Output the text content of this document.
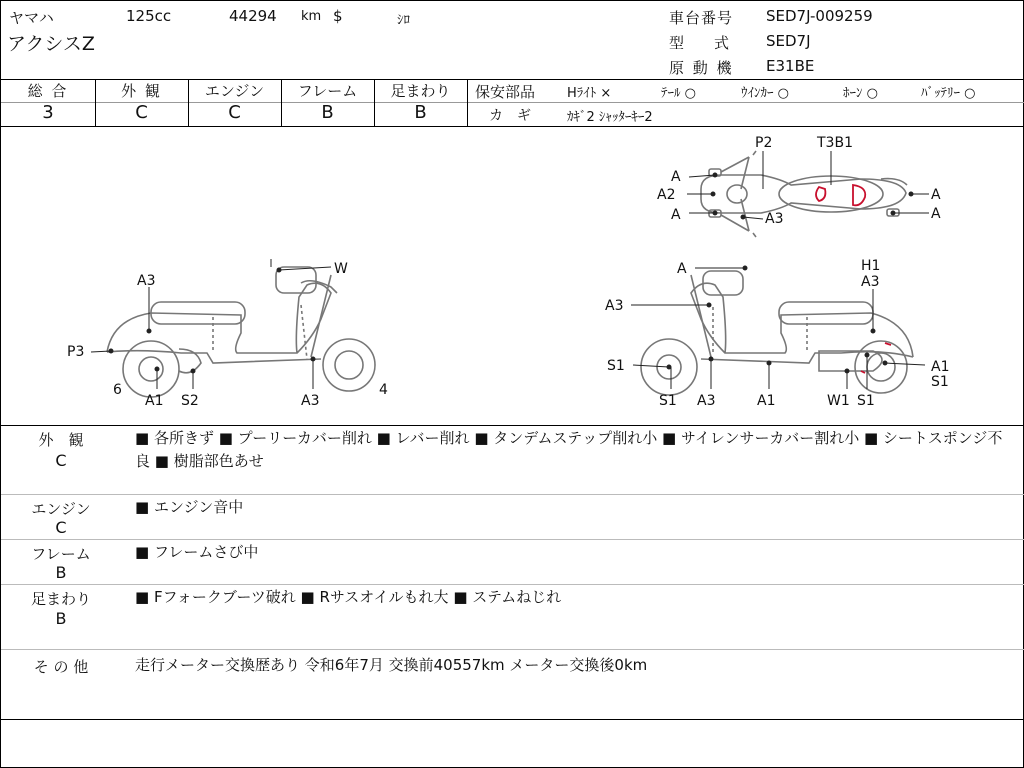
ヤマハ	125cc	44294 km $	ｼﾛ
アクシスZ
車台番号 SED7J-009259
型　　式 SED7J
原 動 機 E31BE
総 合	外 観	エンジン	フレーム	足まわり
3	C	C	B	B
保安部品 Hﾗｲﾄ ×	ﾃｰﾙ ○	ｳｲﾝｶｰ ○	ﾎｰﾝ ○	ﾊﾞｯﾃﾘｰ ○
カ　ギ	ｶｷﾞ2 ｼｬｯﾀｰｷｰ2
P2	T3B1
A
A2
A	A3
A
A
W
A3
P3
6
A1 S2	A3
4
A	H1
A3
A3
S1	A1
S1
S1 A3	A1	W1 S1
外　観
C
■ 各所きず ■ プーリーカバー削れ ■ レバー削れ ■ タンデムステップ削れ小 ■ サイレンサーカバー割れ小 ■ シートスポンジ不良 ■ 樹脂部色あせ
エンジン
C
■ エンジン音中
フレーム
B
■ フレームさび中
足まわり
B
■ Fフォークブーツ破れ ■ Rサスオイルもれ大 ■ ステムねじれ
そ の 他	走行メーター交換歴あり 令和6年7月 交換前40557km メーター交換後0km
